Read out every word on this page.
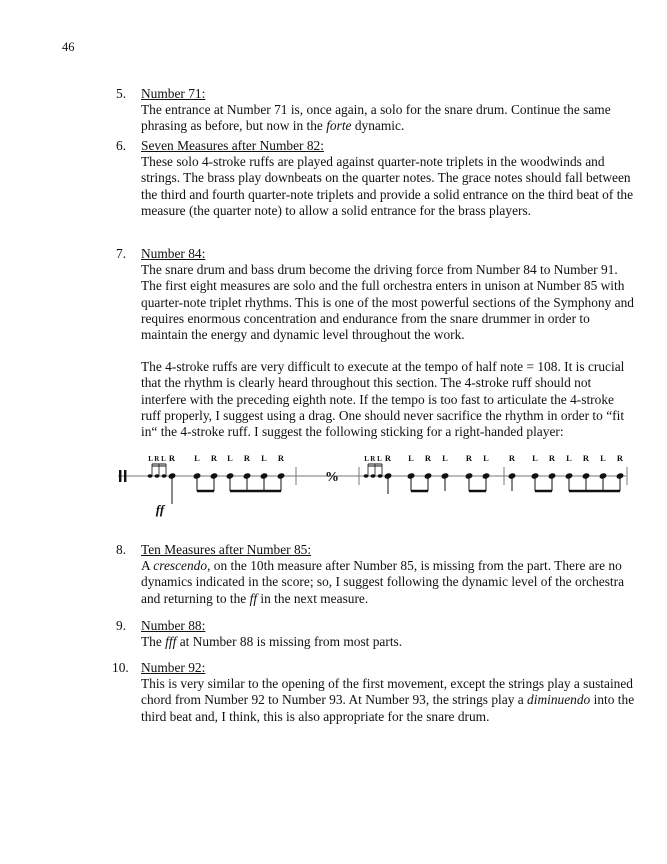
46
5. Number 71:

The entrance at Number 71 is, once again, a solo for the snare drum. Continue the same phrasing as before, but now in the forte dynamic.

6. Seven Measures after Number 82:

These solo 4-stroke ruffs are played against quarter-note triplets in the woodwinds and strings. The brass play downbeats on the quarter notes. The grace notes should fall between the third and fourth quarter-note triplets and provide a solid entrance on the third beat of the measure (the quarter note) to allow a solid entrance for the brass players.

7. Number 84:

The snare drum and bass drum become the driving force from Number 84 to Number 91. The first eight measures are solo and the full orchestra enters in unison at Number 85 with quarter-note triplet rhythms. This is one of the most powerful sections of the Symphony and requires enormous concentration and endurance from the snare drummer in order to maintain the energy and dynamic level throughout the work.

The 4-stroke ruffs are very difficult to execute at the tempo of half note = 108. It is crucial that the rhythm is clearly heard throughout this section. The 4-stroke ruff should not interfere with the preceding eighth note. If the tempo is too fast to articulate the 4-stroke ruff properly, I suggest using a drag. One should never sacrifice the rhythm in order to “fit in“ the 4-stroke ruff. I suggest the following sticking for a right-handed player:

L R L R
ff
L R L R L R
%
L R L R L R L R L R L R L R L R
8. Ten Measures after Number 85:

A crescendo, on the 10th measure after Number 85, is missing from the part. There are no dynamics indicated in the score; so, I suggest following the dynamic level of the orchestra and returning to the ff in the next measure.

9. Number 88:

The fff at Number 88 is missing from most parts.

10. Number 92:

This is very similar to the opening of the first movement, except the strings play a sustained chord from Number 92 to Number 93. At Number 93, the strings play a diminuendo into the third beat and, I think, this is also appropriate for the snare drum.
